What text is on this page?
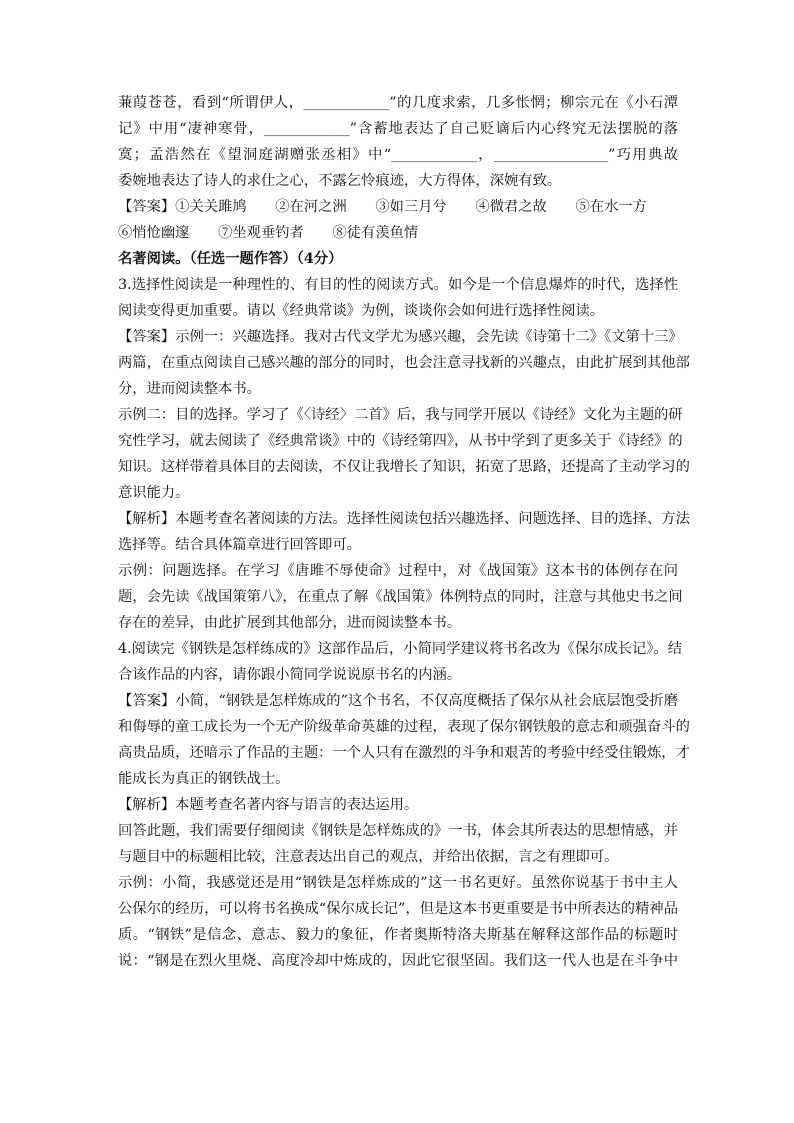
蒹葭苍苍，看到“所谓伊人，____________”的几度求索，几多怅惘；柳宗元在《小石潭
记》中用“凄神寒骨，____________”含蓄地表达了自己贬谪后内心终究无法摆脱的落
寞；孟浩然在《望洞庭湖赠张丞相》中“____________，________________”巧用典故
委婉地表达了诗人的求仕之心，不露乞怜痕迹，大方得体，深婉有致。
【答案】①关关雎鸠　　②在河之洲　　③如三月兮　　④微君之故　　⑤在水一方
⑥悄怆幽邃　　⑦坐观垂钓者　　⑧徒有羡鱼情
名著阅读。（任选一题作答）（4分）
3.选择性阅读是一种理性的、有目的性的阅读方式。如今是一个信息爆炸的时代，选择性
阅读变得更加重要。请以《经典常谈》为例，谈谈你会如何进行选择性阅读。
【答案】示例一：兴趣选择。我对古代文学尤为感兴趣，会先读《诗第十二》《文第十三》
两篇，在重点阅读自己感兴趣的部分的同时，也会注意寻找新的兴趣点，由此扩展到其他部
分，进而阅读整本书。
示例二：目的选择。学习了《〈诗经〉二首》后，我与同学开展以《诗经》文化为主题的研
究性学习，就去阅读了《经典常谈》中的《诗经第四》，从书中学到了更多关于《诗经》的
知识。这样带着具体目的去阅读，不仅让我增长了知识，拓宽了思路，还提高了主动学习的
意识能力。
【解析】本题考查名著阅读的方法。选择性阅读包括兴趣选择、问题选择、目的选择、方法
选择等。结合具体篇章进行回答即可。
示例：问题选择。在学习《唐雎不辱使命》过程中，对《战国策》这本书的体例存在问
题，会先读《战国策第八》，在重点了解《战国策》体例特点的同时，注意与其他史书之间
存在的差异，由此扩展到其他部分，进而阅读整本书。
4.阅读完《钢铁是怎样练成的》这部作品后，小简同学建议将书名改为《保尔成长记》。结
合该作品的内容，请你跟小简同学说说原书名的内涵。
【答案】小简，“钢铁是怎样炼成的”这个书名，不仅高度概括了保尔从社会底层饱受折磨
和侮辱的童工成长为一个无产阶级革命英雄的过程，表现了保尔钢铁般的意志和顽强奋斗的
高贵品质，还暗示了作品的主题：一个人只有在激烈的斗争和艰苦的考验中经受住锻炼，才
能成长为真正的钢铁战士。
【解析】本题考查名著内容与语言的表达运用。
回答此题，我们需要仔细阅读《钢铁是怎样炼成的》一书，体会其所表达的思想情感，并
与题目中的标题相比较，注意表达出自己的观点，并给出依据，言之有理即可。
示例：小简，我感觉还是用“钢铁是怎样炼成的”这一书名更好。虽然你说基于书中主人
公保尔的经历，可以将书名换成“保尔成长记”，但是这本书更重要是书中所表达的精神品
质。“钢铁”是信念、意志、毅力的象征，作者奥斯特洛夫斯基在解释这部作品的标题时
说：“钢是在烈火里烧、高度冷却中炼成的，因此它很坚固。我们这一代人也是在斗争中
